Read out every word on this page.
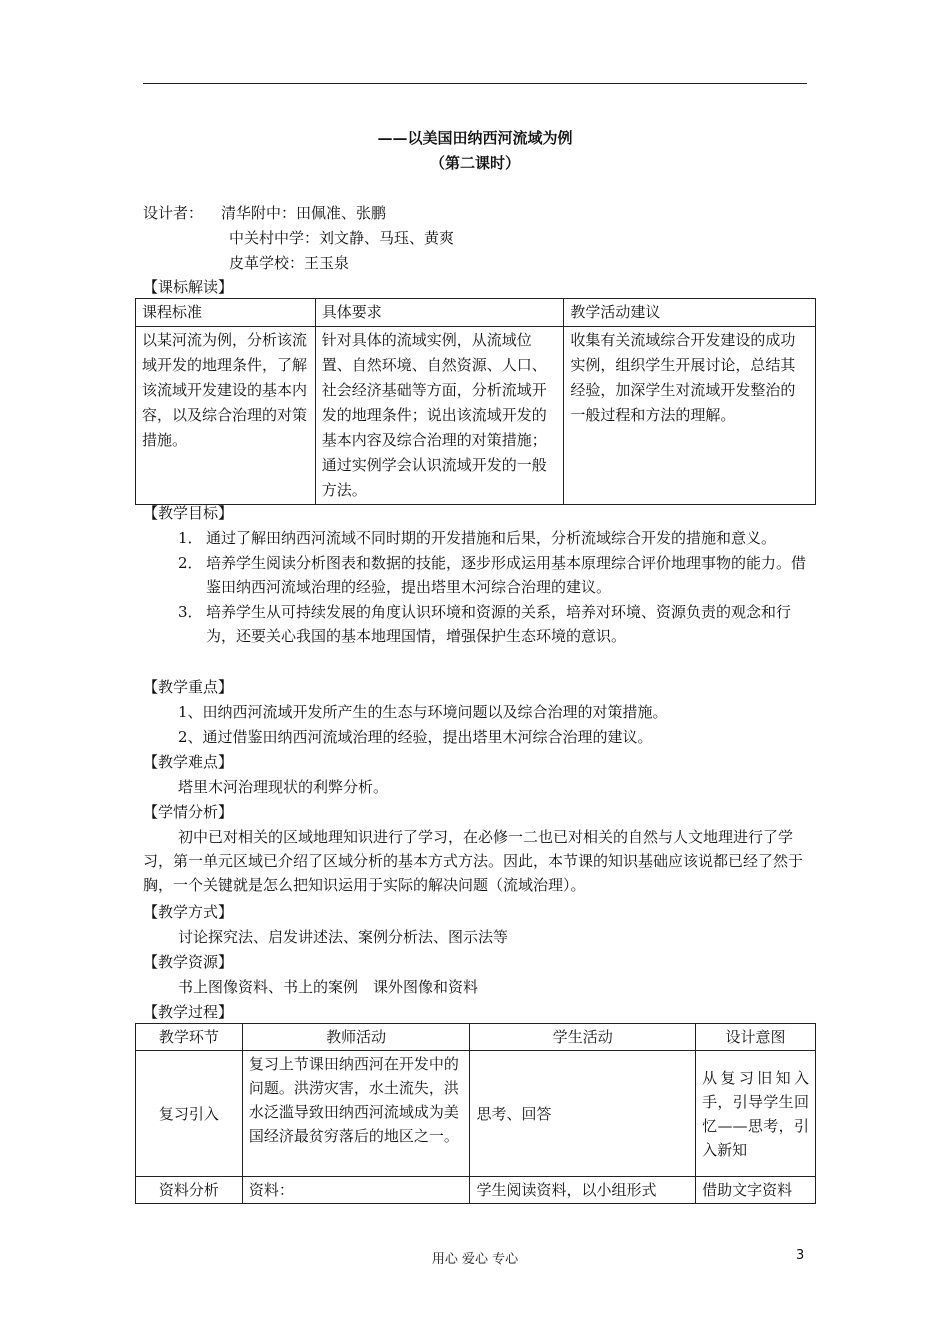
——以美国田纳西河流域为例
（第二课时）
设计者： 清华附中：田佩准、张鹏
中关村中学：刘文静、马珏、黄爽
皮革学校：王玉泉
【课标解读】
课程标准	具体要求	教学活动建议
以某河流为例，分析该流域开发的地理条件，了解该流域开发建设的基本内容，以及综合治理的对策措施。	针对具体的流域实例，从流域位置、自然环境、自然资源、人口、社会经济基础等方面，分析流域开发的地理条件；说出该流域开发的基本内容及综合治理的对策措施；通过实例学会认识流域开发的一般方法。	收集有关流域综合开发建设的成功实例，组织学生开展讨论，总结其经验，加深学生对流域开发整治的一般过程和方法的理解。
【教学目标】
1． 通过了解田纳西河流域不同时期的开发措施和后果，分析流域综合开发的措施和意义。
2． 培养学生阅读分析图表和数据的技能，逐步形成运用基本原理综合评价地理事物的能力。借鉴田纳西河流域治理的经验，提出塔里木河综合治理的建议。
3． 培养学生从可持续发展的角度认识环境和资源的关系，培养对环境、资源负责的观念和行为，还要关心我国的基本地理国情，增强保护生态环境的意识。
【教学重点】
1、田纳西河流域开发所产生的生态与环境问题以及综合治理的对策措施。
2、通过借鉴田纳西河流域治理的经验，提出塔里木河综合治理的建议。
【教学难点】
塔里木河治理现状的利弊分析。
【学情分析】
初中已对相关的区域地理知识进行了学习，在必修一二也已对相关的自然与人文地理进行了学习，第一单元区域已介绍了区域分析的基本方式方法。因此，本节课的知识基础应该说都已经了然于胸，一个关键就是怎么把知识运用于实际的解决问题（流域治理）。
【教学方式】
讨论探究法、启发讲述法、案例分析法、图示法等
【教学资源】
书上图像资料、书上的案例　课外图像和资料
【教学过程】
教学环节	教师活动	学生活动	设计意图
复习引入	复习上节课田纳西河在开发中的问题。洪涝灾害，水土流失，洪水泛滥导致田纳西河流域成为美国经济最贫穷落后的地区之一。	思考、回答	从复习旧知入手，引导学生回忆——思考，引入新知
资料分析	资料：	学生阅读资料，以小组形式	借助文字资料
用心 爱心 专心	3
